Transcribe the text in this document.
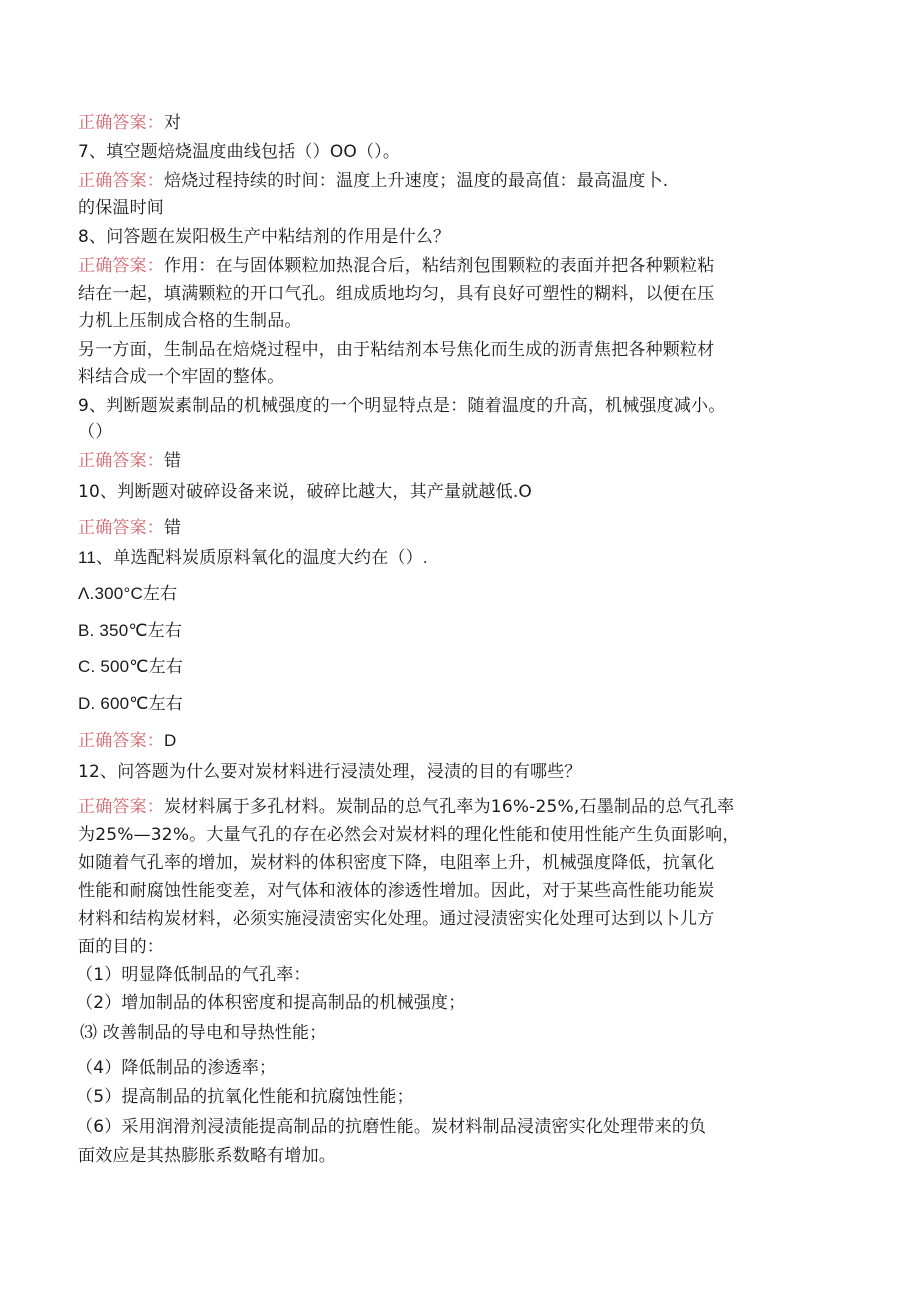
正确答案：对
7、填空题焙烧温度曲线包括（）OO（）。
正确答案：焙烧过程持续的时间：温度上升速度；温度的最高值：最高温度卜.
的保温时间
8、问答题在炭阳极生产中粘结剂的作用是什么？
正确答案：作用：在与固体颗粒加热混合后，粘结剂包围颗粒的表面并把各种颗粒粘
结在一起，填满颗粒的开口气孔。组成质地均匀，具有良好可塑性的糊料，以便在压
力机上压制成合格的生制品。
另一方面，生制品在焙烧过程中，由于粘结剂本号焦化而生成的沥青焦把各种颗粒材
料结合成一个牢固的整体。
9、判断题炭素制品的机械强度的一个明显特点是：随着温度的升高，机械强度减小。
（）
正确答案：错
10、判断题对破碎设备来说，破碎比越大，其产量就越低.O
正确答案：错
11、单选配料炭质原料氧化的温度大约在（）.
Λ.300°C左右
B. 350℃左右
C. 500℃左右
D. 600℃左右
正确答案：D
12、问答题为什么要对炭材料进行浸渍处理，浸渍的目的有哪些？
正确答案：炭材料属于多孔材料。炭制品的总气孔率为16%-25%,石墨制品的总气孔率
为25%—32%。大量气孔的存在必然会对炭材料的理化性能和使用性能产生负面影响，
如随着气孔率的增加，炭材料的体积密度下降，电阻率上升，机械强度降低，抗氧化
性能和耐腐蚀性能变差，对气体和液体的渗透性增加。因此，对于某些高性能功能炭
材料和结构炭材料，必须实施浸渍密实化处理。通过浸渍密实化处理可达到以卜儿方
面的目的：
（1）明显降低制品的气孔率：
（2）增加制品的体积密度和提高制品的机械强度；
⑶ 改善制品的导电和导热性能；
（4）降低制品的渗透率；
（5）提高制品的抗氧化性能和抗腐蚀性能；
（6）采用润滑剂浸渍能提高制品的抗磨性能。炭材料制品浸渍密实化处理带来的负
面效应是其热膨胀系数略有增加。
